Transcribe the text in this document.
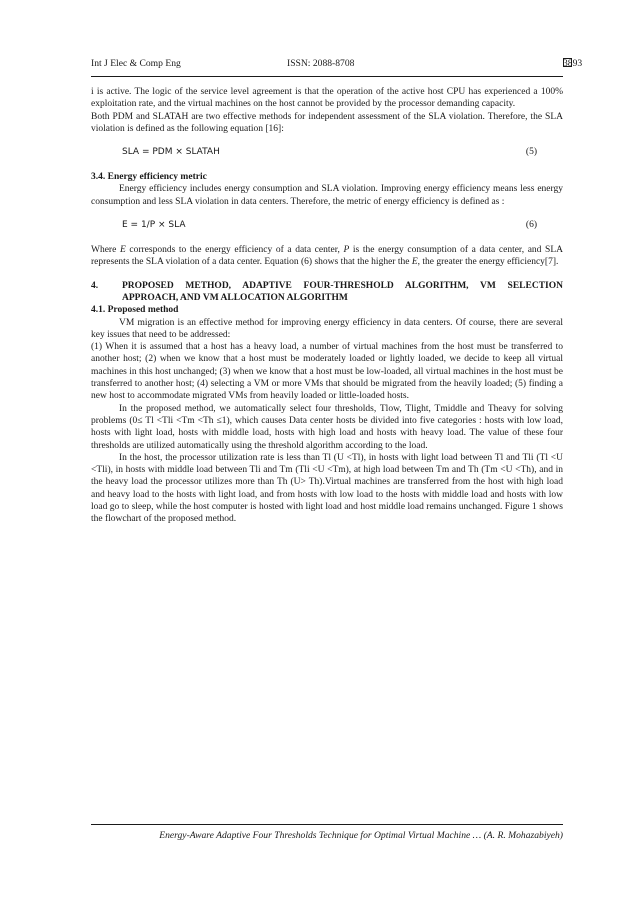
Int J Elec & Comp Eng	ISSN: 2088-8708	3893

i is active. The logic of the service level agreement is that the operation of the active host CPU has experienced a 100% exploitation rate, and the virtual machines on the host cannot be provided by the processor demanding capacity.

Both PDM and SLATAH are two effective methods for independent assessment of the SLA violation. Therefore, the SLA violation is defined as the following equation [16]:

SLA = PDM × SLATAH	(5)

3.4. Energy efficiency metric

Energy efficiency includes energy consumption and SLA violation. Improving energy efficiency means less energy consumption and less SLA violation in data centers. Therefore, the metric of energy efficiency is defined as :

E = 1/P × SLA	(6)

Where E corresponds to the energy efficiency of a data center, P is the energy consumption of a data center, and SLA represents the SLA violation of a data center. Equation (6) shows that the higher the E, the greater the energy efficiency[7].

4.	PROPOSED METHOD, ADAPTIVE FOUR-THRESHOLD ALGORITHM, VM SELECTION APPROACH, AND VM ALLOCATION ALGORITHM

4.1. Proposed method

VM migration is an effective method for improving energy efficiency in data centers. Of course, there are several key issues that need to be addressed:

(1) When it is assumed that a host has a heavy load, a number of virtual machines from the host must be transferred to another host; (2) when we know that a host must be moderately loaded or lightly loaded, we decide to keep all virtual machines in this host unchanged; (3) when we know that a host must be low-loaded, all virtual machines in the host must be transferred to another host; (4) selecting a VM or more VMs that should be migrated from the heavily loaded; (5) finding a new host to accommodate migrated VMs from heavily loaded or little-loaded hosts.

In the proposed method, we automatically select four thresholds, Tlow, Tlight, Tmiddle and Theavy for solving problems (0≤ Tl <Tli <Tm <Th ≤1), which causes Data center hosts be divided into five categories : hosts with low load, hosts with light load, hosts with middle load, hosts with high load and hosts with heavy load. The value of these four thresholds are utilized automatically using the threshold algorithm according to the load.

In the host, the processor utilization rate is less than Tl (U <Tl), in hosts with light load between Tl and Tli (Tl <U <Tli), in hosts with middle load between Tli and Tm (Tli <U <Tm), at high load between Tm and Th (Tm <U <Th), and in the heavy load the processor utilizes more than Th (U> Th).Virtual machines are transferred from the host with high load and heavy load to the hosts with light load, and from hosts with low load to the hosts with middle load and hosts with low load go to sleep, while the host computer is hosted with light load and host middle load remains unchanged. Figure 1 shows the flowchart of the proposed method.

Energy-Aware Adaptive Four Thresholds Technique for Optimal Virtual Machine … (A. R. Mohazabiyeh)
